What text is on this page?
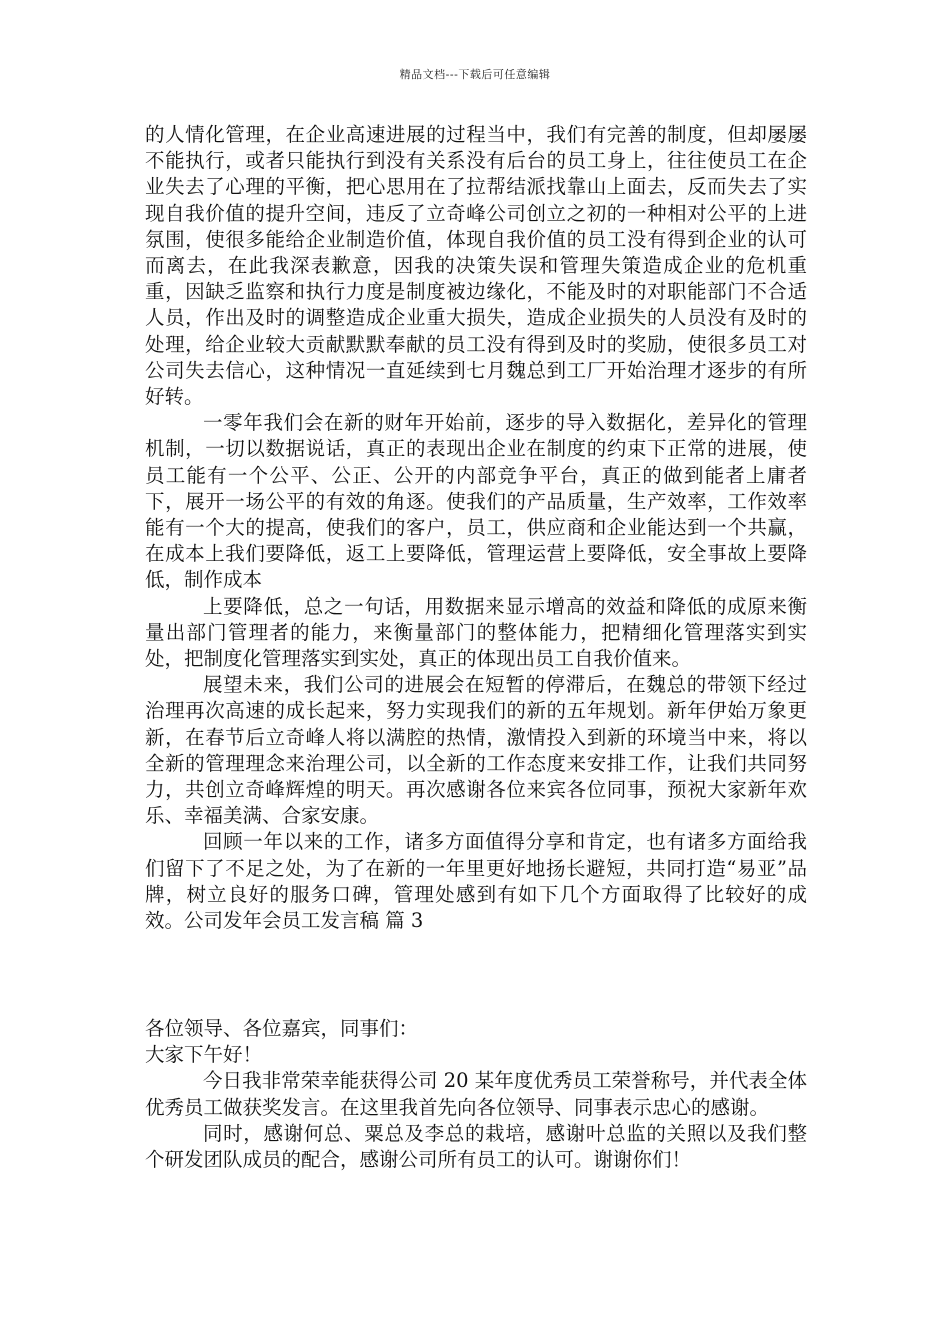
精品文档---下载后可任意编辑

的人情化管理，在企业高速进展的过程当中，我们有完善的制度，但却屡屡不能执行，或者只能执行到没有关系没有后台的员工身上，往往使员工在企业失去了心理的平衡，把心思用在了拉帮结派找靠山上面去，反而失去了实现自我价值的提升空间，违反了立奇峰公司创立之初的一种相对公平的上进氛围，使很多能给企业制造价值，体现自我价值的员工没有得到企业的认可而离去，在此我深表歉意，因我的决策失误和管理失策造成企业的危机重重，因缺乏监察和执行力度是制度被边缘化，不能及时的对职能部门不合适人员，作出及时的调整造成企业重大损失，造成企业损失的人员没有及时的处理，给企业较大贡献默默奉献的员工没有得到及时的奖励，使很多员工对公司失去信心，这种情况一直延续到七月魏总到工厂开始治理才逐步的有所好转。

一零年我们会在新的财年开始前，逐步的导入数据化，差异化的管理机制，一切以数据说话，真正的表现出企业在制度的约束下正常的进展，使员工能有一个公平、公正、公开的内部竞争平台，真正的做到能者上庸者下，展开一场公平的有效的角逐。使我们的产品质量，生产效率，工作效率能有一个大的提高，使我们的客户，员工，供应商和企业能达到一个共赢，在成本上我们要降低，返工上要降低，管理运营上要降低，安全事故上要降低，制作成本

上要降低，总之一句话，用数据来显示增高的效益和降低的成原来衡量出部门管理者的能力，来衡量部门的整体能力，把精细化管理落实到实处，把制度化管理落实到实处，真正的体现出员工自我价值来。

展望未来，我们公司的进展会在短暂的停滞后，在魏总的带领下经过治理再次高速的成长起来，努力实现我们的新的五年规划。新年伊始万象更新，在春节后立奇峰人将以满腔的热情，激情投入到新的环境当中来，将以全新的管理理念来治理公司，以全新的工作态度来安排工作，让我们共同努力，共创立奇峰辉煌的明天。再次感谢各位来宾各位同事，预祝大家新年欢乐、幸福美满、合家安康。

回顾一年以来的工作，诸多方面值得分享和肯定，也有诸多方面给我们留下了不足之处，为了在新的一年里更好地扬长避短，共同打造“易亚”品牌，树立良好的服务口碑，管理处感到有如下几个方面取得了比较好的成效。公司发年会员工发言稿 篇 3

各位领导、各位嘉宾，同事们：

大家下午好！

今日我非常荣幸能获得公司 20 某年度优秀员工荣誉称号，并代表全体优秀员工做获奖发言。在这里我首先向各位领导、同事表示忠心的感谢。

同时，感谢何总、粟总及李总的栽培，感谢叶总监的关照以及我们整个研发团队成员的配合，感谢公司所有员工的认可。谢谢你们！
